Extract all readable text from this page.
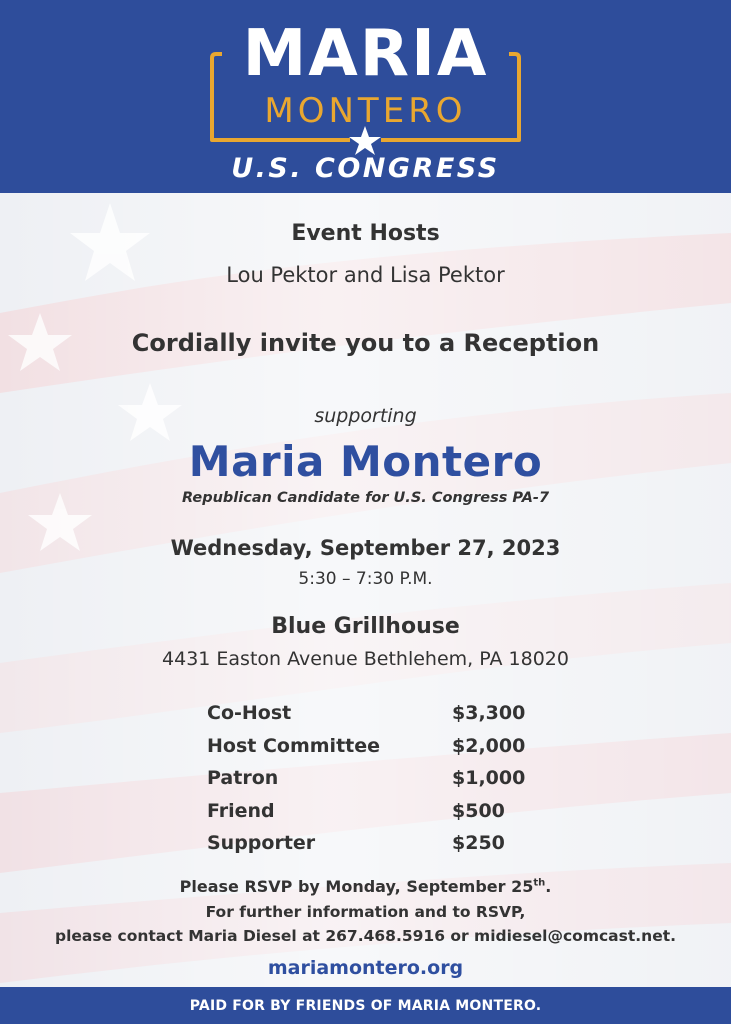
MARIA
MONTERO
U.S. CONGRESS

Event Hosts

Lou Pektor and Lisa Pektor

Cordially invite you to a Reception

supporting

Maria Montero

Republican Candidate for U.S. Congress PA-7

Wednesday, September 27, 2023

5:30 – 7:30 P.M.

Blue Grillhouse

4431 Easton Avenue Bethlehem, PA 18020

Co-Host	$3,300
Host Committee	$2,000
Patron	$1,000
Friend	$500
Supporter	$250

Please RSVP by Monday, September 25th.

For further information and to RSVP,

please contact Maria Diesel at 267.468.5916 or midiesel@comcast.net.

mariamontero.org

PAID FOR BY FRIENDS OF MARIA MONTERO.
